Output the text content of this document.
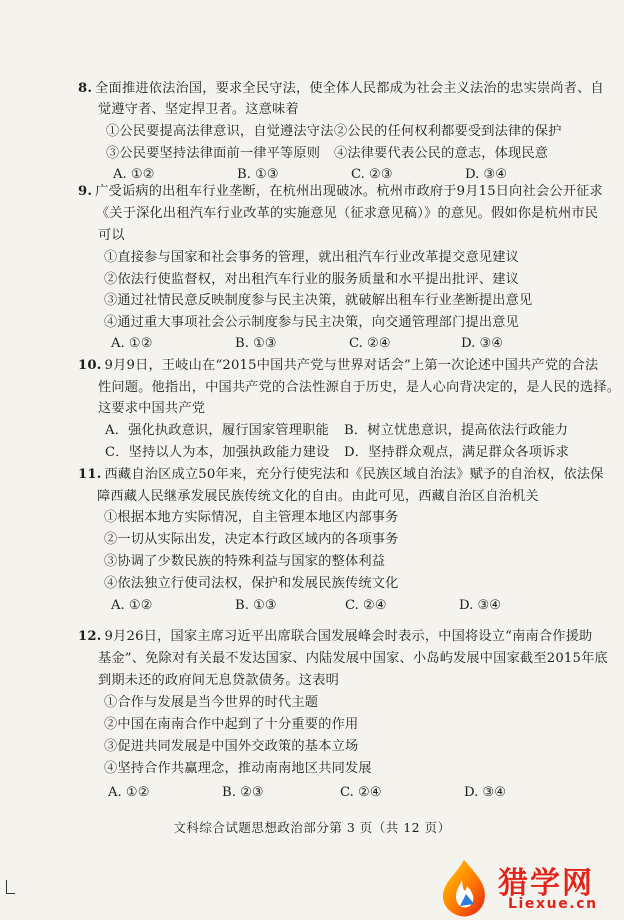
8. 全面推进依法治国，要求全民守法，使全体人民都成为社会主义法治的忠实崇尚者、自
觉遵守者、坚定捍卫者。这意味着
①公民要提高法律意识，自觉遵法守法 ②公民的任何权利都要受到法律的保护
③公民要坚持法律面前一律平等原则 ④法律要代表公民的意志，体现民意
A. ①②	B. ①③	C. ②③	D. ③④
9. 广受诟病的出租车行业垄断，在杭州出现破冰。杭州市政府于9月15日向社会公开征求
《关于深化出租汽车行业改革的实施意见（征求意见稿）》的意见。假如你是杭州市民
可以
①直接参与国家和社会事务的管理，就出租汽车行业改革提交意见建议
②依法行使监督权，对出租汽车行业的服务质量和水平提出批评、建议
③通过社情民意反映制度参与民主决策，就破解出租车行业垄断提出意见
④通过重大事项社会公示制度参与民主决策，向交通管理部门提出意见
A. ①②	B. ①③	C. ②④	D. ③④
10. 9月9日，王岐山在“2015中国共产党与世界对话会”上第一次论述中国共产党的合法
性问题。他指出，中国共产党的合法性源自于历史，是人心向背决定的，是人民的选择。
这要求中国共产党
A．强化执政意识，履行国家管理职能 B．树立忧患意识，提高依法行政能力
C．坚持以人为本，加强执政能力建设 D．坚持群众观点，满足群众各项诉求
11. 西藏自治区成立50年来，充分行使宪法和《民族区域自治法》赋予的自治权，依法保
障西藏人民继承发展民族传统文化的自由。由此可见，西藏自治区自治机关
①根据本地方实际情况，自主管理本地区内部事务
②一切从实际出发，决定本行政区域内的各项事务
③协调了少数民族的特殊利益与国家的整体利益
④依法独立行使司法权，保护和发展民族传统文化
A. ①②	B. ①③	C. ②④	D. ③④
12. 9月26日，国家主席习近平出席联合国发展峰会时表示，中国将设立“南南合作援助
基金”、免除对有关最不发达国家、内陆发展中国家、小岛屿发展中国家截至2015年底
到期未还的政府间无息贷款债务。这表明
①合作与发展是当今世界的时代主题
②中国在南南合作中起到了十分重要的作用
③促进共同发展是中国外交政策的基本立场
④坚持合作共赢理念，推动南南地区共同发展
A. ①②	B. ②③	C. ②④	D. ③④
文科综合试题思想政治部分第 3 页（共 12 页）
猎学网
Liexue.cn
